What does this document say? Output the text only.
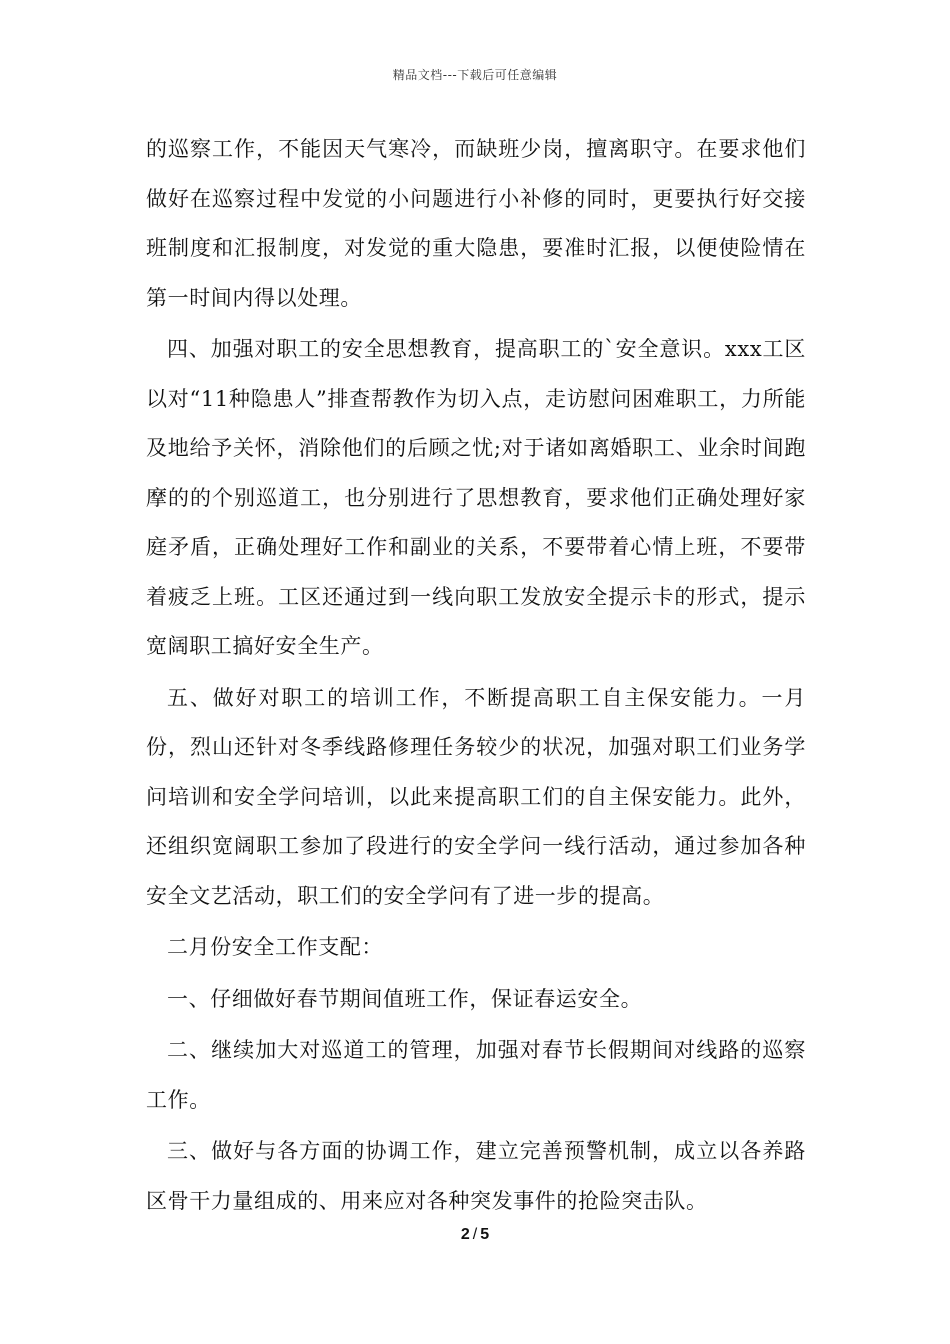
精品文档---下载后可任意编辑

的巡察工作，不能因天气寒冷，而缺班少岗，擅离职守。在要求他们做好在巡察过程中发觉的小问题进行小补修的同时，更要执行好交接班制度和汇报制度，对发觉的重大隐患，要准时汇报，以便使险情在第一时间内得以处理。

四、加强对职工的安全思想教育，提高职工的`安全意识。xxx工区以对“11种隐患人”排查帮教作为切入点，走访慰问困难职工，力所能及地给予关怀，消除他们的后顾之忧;对于诸如离婚职工、业余时间跑摩的的个别巡道工，也分别进行了思想教育，要求他们正确处理好家庭矛盾，正确处理好工作和副业的关系，不要带着心情上班，不要带着疲乏上班。工区还通过到一线向职工发放安全提示卡的形式，提示宽阔职工搞好安全生产。

五、做好对职工的培训工作，不断提高职工自主保安能力。一月份，烈山还针对冬季线路修理任务较少的状况，加强对职工们业务学问培训和安全学问培训，以此来提高职工们的自主保安能力。此外，还组织宽阔职工参加了段进行的安全学问一线行活动，通过参加各种安全文艺活动，职工们的安全学问有了进一步的提高。

二月份安全工作支配：

一、仔细做好春节期间值班工作，保证春运安全。

二、继续加大对巡道工的管理，加强对春节长假期间对线路的巡察工作。

三、做好与各方面的协调工作，建立完善预警机制，成立以各养路区骨干力量组成的、用来应对各种突发事件的抢险突击队。

2 / 5
